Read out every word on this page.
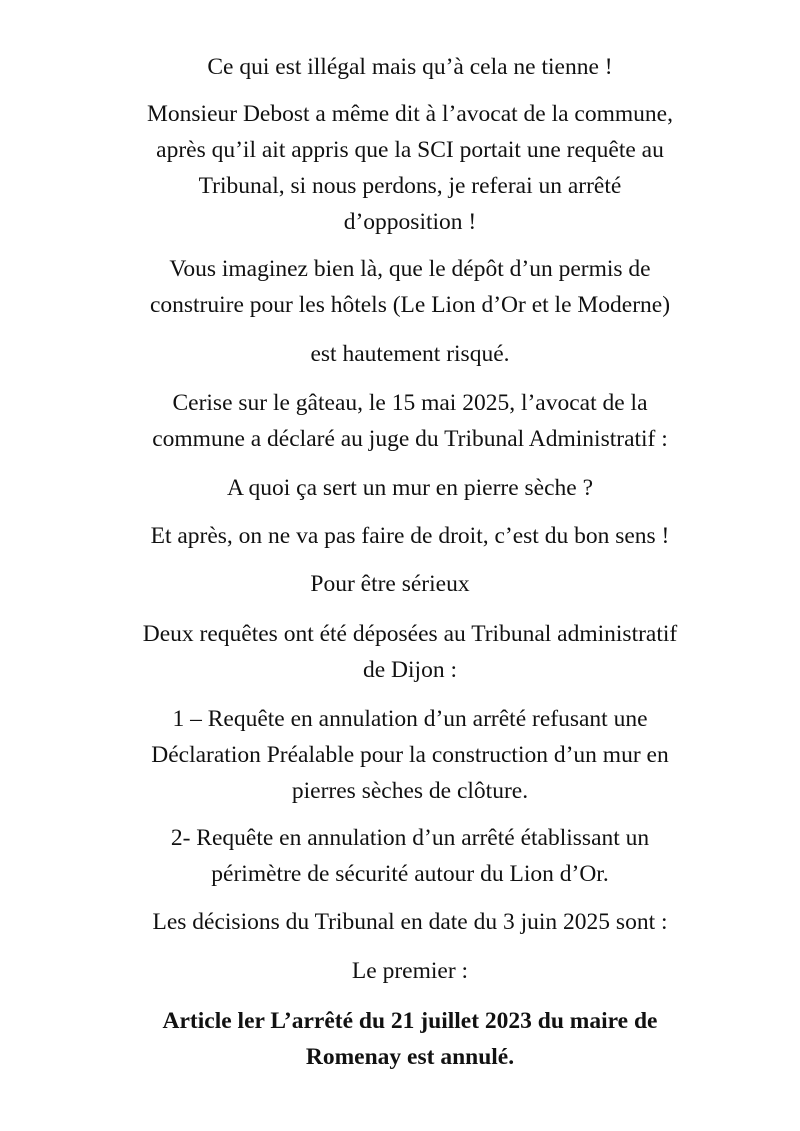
Ce qui est illégal mais qu’à cela ne tienne !

Monsieur Debost a même dit à l’avocat de la commune,
après qu’il ait appris que la SCI portait une requête au
Tribunal, si nous perdons, je referai un arrêté
d’opposition !

Vous imaginez bien là, que le dépôt d’un permis de
construire pour les hôtels (Le Lion d’Or et le Moderne)

est hautement risqué.

Cerise sur le gâteau, le 15 mai 2025, l’avocat de la
commune a déclaré au juge du Tribunal Administratif :

A quoi ça sert un mur en pierre sèche ?

Et après, on ne va pas faire de droit, c’est du bon sens !

Pour être sérieux

Deux requêtes ont été déposées au Tribunal administratif
de Dijon :

1 – Requête en annulation d’un arrêté refusant une
Déclaration Préalable pour la construction d’un mur en
pierres sèches de clôture.

2- Requête en annulation d’un arrêté établissant un
périmètre de sécurité autour du Lion d’Or.

Les décisions du Tribunal en date du 3 juin 2025 sont :

Le premier :

Article ler L’arrêté du 21 juillet 2023 du maire de
Romenay est annulé.
